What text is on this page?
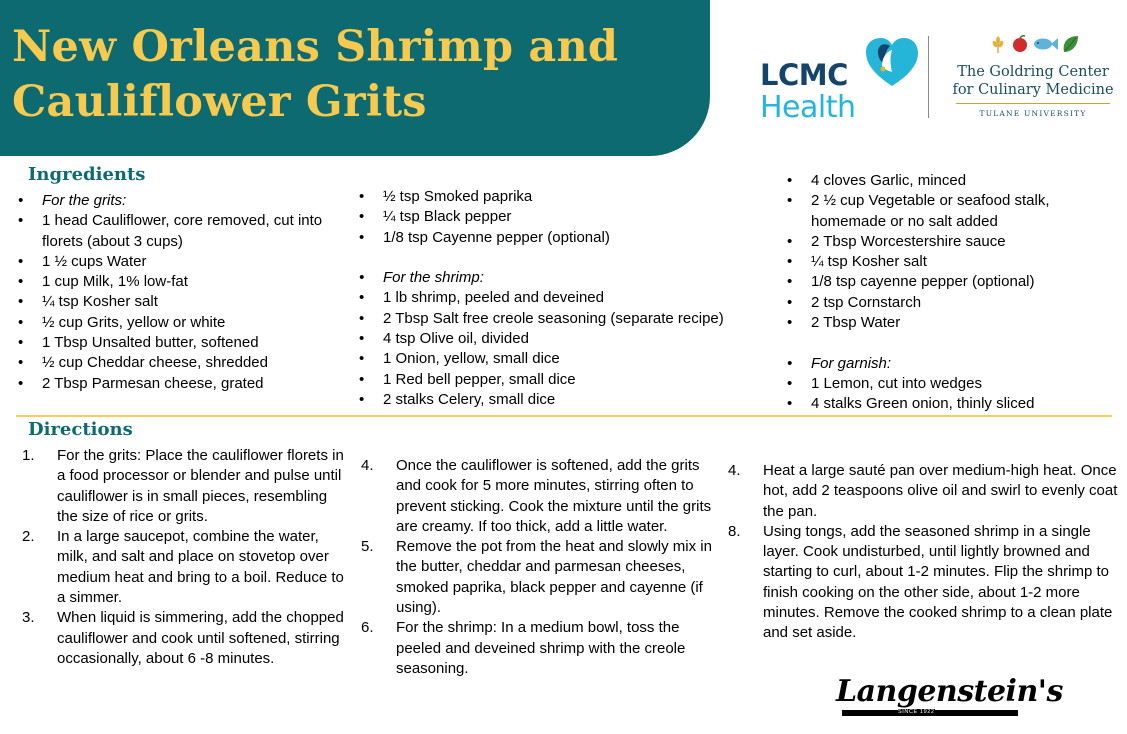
New Orleans Shrimp and
Cauliflower Grits
LCMC
Health
The Goldring Center
for Culinary Medicine
TULANE UNIVERSITY
Ingredients
• For the grits:
• 1 head Cauliflower, core removed, cut into florets (about 3 cups)
• 1 ½ cups Water
• 1 cup Milk, 1% low-fat
• ¼ tsp Kosher salt
• ½ cup Grits, yellow or white
• 1 Tbsp Unsalted butter, softened
• ½ cup Cheddar cheese, shredded
• 2 Tbsp Parmesan cheese, grated
• ½ tsp Smoked paprika
• ¼ tsp Black pepper
• 1/8 tsp Cayenne pepper (optional)

• For the shrimp:
• 1 lb shrimp, peeled and deveined
• 2 Tbsp Salt free creole seasoning (separate recipe)
• 4 tsp Olive oil, divided
• 1 Onion, yellow, small dice
• 1 Red bell pepper, small dice
• 2 stalks Celery, small dice
• 4 cloves Garlic, minced
• 2 ½ cup Vegetable or seafood stalk, homemade or no salt added
• 2 Tbsp Worcestershire sauce
• ¼ tsp Kosher salt
• 1/8 tsp cayenne pepper (optional)
• 2 tsp Cornstarch
• 2 Tbsp Water

• For garnish:
• 1 Lemon, cut into wedges
• 4 stalks Green onion, thinly sliced
Directions
1. For the grits: Place the cauliflower florets in a food processor or blender and pulse until cauliflower is in small pieces, resembling the size of rice or grits.
2. In a large saucepot, combine the water, milk, and salt and place on stovetop over medium heat and bring to a boil. Reduce to a simmer.
3. When liquid is simmering, add the chopped cauliflower and cook until softened, stirring occasionally, about 6 -8 minutes.
4. Once the cauliflower is softened, add the grits and cook for 5 more minutes, stirring often to prevent sticking. Cook the mixture until the grits are creamy. If too thick, add a little water.
5. Remove the pot from the heat and slowly mix in the butter, cheddar and parmesan cheeses, smoked paprika, black pepper and cayenne (if using).
6. For the shrimp: In a medium bowl, toss the peeled and deveined shrimp with the creole seasoning.
4. Heat a large sauté pan over medium-high heat. Once hot, add 2 teaspoons olive oil and swirl to evenly coat the pan.
8. Using tongs, add the seasoned shrimp in a single layer. Cook undisturbed, until lightly browned and starting to curl, about 1-2 minutes. Flip the shrimp to finish cooking on the other side, about 1-2 more minutes. Remove the cooked shrimp to a clean plate and set aside.
Langenstein's
SINCE 1922
